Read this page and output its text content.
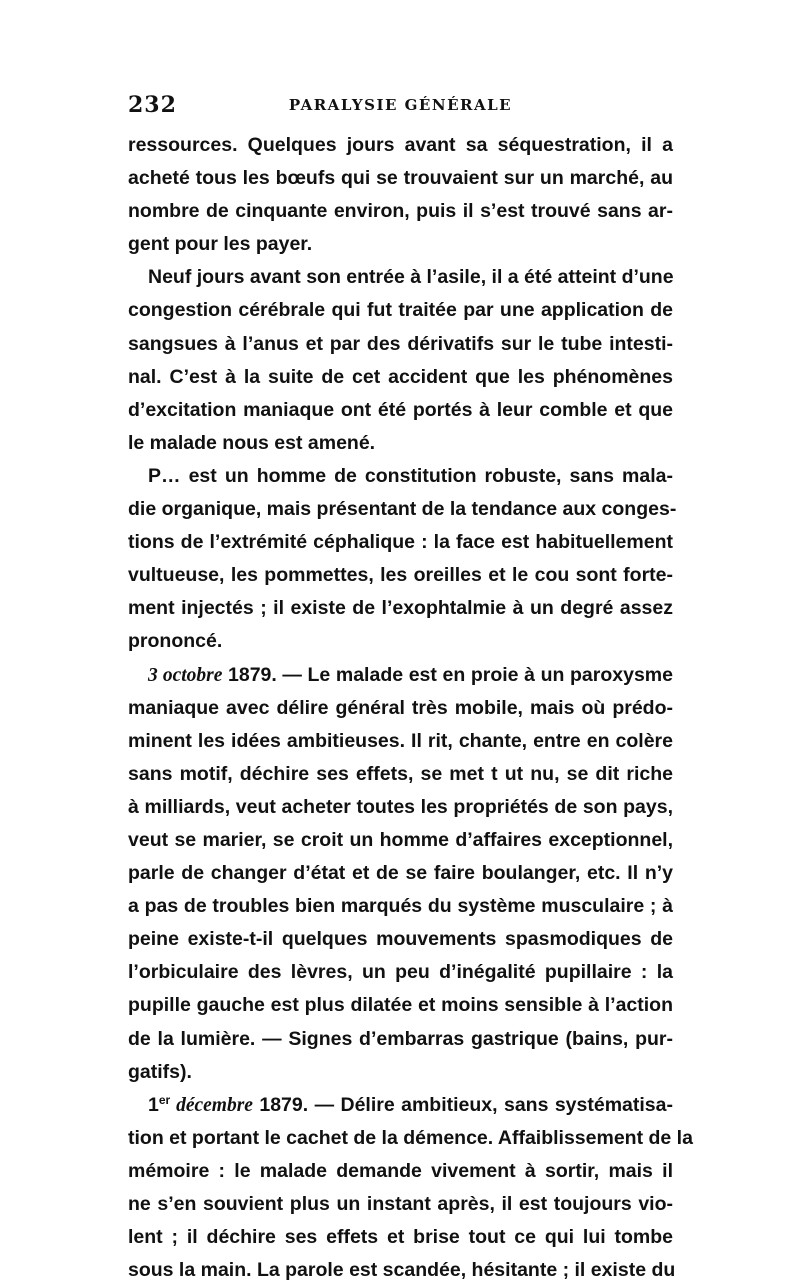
232	PARALYSIE GÉNÉRALE
ressources. Quelques jours avant sa séquestration, il a
acheté tous les bœufs qui se trouvaient sur un marché, au
nombre de cinquante environ, puis il s’est trouvé sans ar-
gent pour les payer.
Neuf jours avant son entrée à l’asile, il a été atteint d’une
congestion cérébrale qui fut traitée par une application de
sangsues à l’anus et par des dérivatifs sur le tube intesti-
nal. C’est à la suite de cet accident que les phénomènes
d’excitation maniaque ont été portés à leur comble et que
le malade nous est amené.
P… est un homme de constitution robuste, sans mala-
die organique, mais présentant de la tendance aux conges-
tions de l’extrémité céphalique : la face est habituellement
vultueuse, les pommettes, les oreilles et le cou sont forte-
ment injectés ; il existe de l’exophtalmie à un degré assez
prononcé.
3 octobre 1879. — Le malade est en proie à un paroxysme
maniaque avec délire général très mobile, mais où prédo-
minent les idées ambitieuses. Il rit, chante, entre en colère
sans motif, déchire ses effets, se met t ut nu, se dit riche
à milliards, veut acheter toutes les propriétés de son pays,
veut se marier, se croit un homme d’affaires exceptionnel,
parle de changer d’état et de se faire boulanger, etc. Il n’y
a pas de troubles bien marqués du système musculaire ; à
peine existe-t-il quelques mouvements spasmodiques de
l’orbiculaire des lèvres, un peu d’inégalité pupillaire : la
pupille gauche est plus dilatée et moins sensible à l’action
de la lumière. — Signes d’embarras gastrique (bains, pur-
gatifs).
1er décembre 1879. — Délire ambitieux, sans systématisa-
tion et portant le cachet de la démence. Affaiblissement de la
mémoire : le malade demande vivement à sortir, mais il
ne s’en souvient plus un instant après, il est toujours vio-
lent ; il déchire ses effets et brise tout ce qui lui tombe
sous la main. La parole est scandée, hésitante ; il existe du
